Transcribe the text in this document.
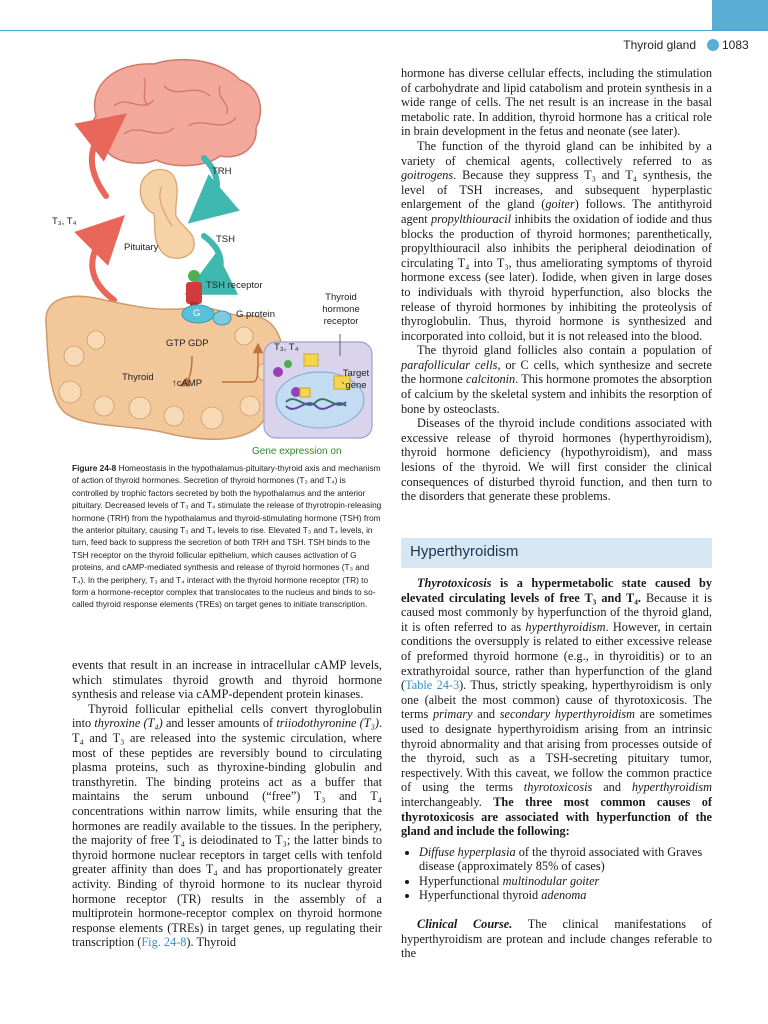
Thyroid gland 1083
TRH
TSH
T₃, T₄
Pituitary
TSH receptor
G	G protein
GTP GDP
Thyroid
↑cAMP
T₃, T₄
Thyroid hormone receptor
Target gene
Gene expression on
Figure 24-8 Homeostasis in the hypothalamus-pituitary-thyroid axis and mechanism of action of thyroid hormones. Secretion of thyroid hormones (T₃ and T₄) is controlled by trophic factors secreted by both the hypothalamus and the anterior pituitary. Decreased levels of T₃ and T₄ stimulate the release of thyrotropin-releasing hormone (TRH) from the hypothalamus and thyroid-stimulating hormone (TSH) from the anterior pituitary, causing T₃ and T₄ levels to rise. Elevated T₃ and T₄ levels, in turn, feed back to suppress the secretion of both TRH and TSH. TSH binds to the TSH receptor on the thyroid follicular epithelium, which causes activation of G proteins, and cAMP-mediated synthesis and release of thyroid hormones (T₃ and T₄). In the periphery, T₃ and T₄ interact with the thyroid hormone receptor (TR) to form a hormone-receptor complex that translocates to the nucleus and binds to so-called thyroid response elements (TREs) on target genes to initiate transcription.

events that result in an increase in intracellular cAMP levels, which stimulates thyroid growth and thyroid hormone synthesis and release via cAMP-dependent protein kinases.

Thyroid follicular epithelial cells convert thyroglobulin into thyroxine (T₄) and lesser amounts of triiodothyronine (T₃). T₄ and T₃ are released into the systemic circulation, where most of these peptides are reversibly bound to circulating plasma proteins, such as thyroxine-binding globulin and transthyretin. The binding proteins act as a buffer that maintains the serum unbound (“free”) T₃ and T₄ concentrations within narrow limits, while ensuring that the hormones are readily available to the tissues. In the periphery, the majority of free T₄ is deiodinated to T₃; the latter binds to thyroid hormone nuclear receptors in target cells with tenfold greater affinity than does T₄ and has proportionately greater activity. Binding of thyroid hormone to its nuclear thyroid hormone receptor (TR) results in the assembly of a multiprotein hormone-receptor complex on thyroid hormone response elements (TREs) in target genes, up regulating their transcription (Fig. 24-8). Thyroid

hormone has diverse cellular effects, including the stimulation of carbohydrate and lipid catabolism and protein synthesis in a wide range of cells. The net result is an increase in the basal metabolic rate. In addition, thyroid hormone has a critical role in brain development in the fetus and neonate (see later).

The function of the thyroid gland can be inhibited by a variety of chemical agents, collectively referred to as goitrogens. Because they suppress T₃ and T₄ synthesis, the level of TSH increases, and subsequent hyperplastic enlargement of the gland (goiter) follows. The antithyroid agent propylthiouracil inhibits the oxidation of iodide and thus blocks the production of thyroid hormones; parenthetically, propylthiouracil also inhibits the peripheral deiodination of circulating T₄ into T₃, thus ameliorating symptoms of thyroid hormone excess (see later). Iodide, when given in large doses to individuals with thyroid hyperfunction, also blocks the release of thyroid hormones by inhibiting the proteolysis of thyroglobulin. Thus, thyroid hormone is synthesized and incorporated into colloid, but it is not released into the blood.

The thyroid gland follicles also contain a population of parafollicular cells, or C cells, which synthesize and secrete the hormone calcitonin. This hormone promotes the absorption of calcium by the skeletal system and inhibits the resorption of bone by osteoclasts.

Diseases of the thyroid include conditions associated with excessive release of thyroid hormones (hyperthyroidism), thyroid hormone deficiency (hypothyroidism), and mass lesions of the thyroid. We will first consider the clinical consequences of disturbed thyroid function, and then turn to the disorders that generate these problems.

Hyperthyroidism

Thyrotoxicosis is a hypermetabolic state caused by elevated circulating levels of free T₃ and T₄. Because it is caused most commonly by hyperfunction of the thyroid gland, it is often referred to as hyperthyroidism. However, in certain conditions the oversupply is related to either excessive release of preformed thyroid hormone (e.g., in thyroiditis) or to an extrathyroidal source, rather than hyperfunction of the gland (Table 24-3). Thus, strictly speaking, hyperthyroidism is only one (albeit the most common) cause of thyrotoxicosis. The terms primary and secondary hyperthyroidism are sometimes used to designate hyperthyroidism arising from an intrinsic thyroid abnormality and that arising from processes outside of the thyroid, such as a TSH-secreting pituitary tumor, respectively. With this caveat, we follow the common practice of using the terms thyrotoxicosis and hyperthyroidism interchangeably. The three most common causes of thyrotoxicosis are associated with hyperfunction of the gland and include the following:

• Diffuse hyperplasia of the thyroid associated with Graves disease (approximately 85% of cases)
• Hyperfunctional multinodular goiter
• Hyperfunctional thyroid adenoma

Clinical Course. The clinical manifestations of hyperthyroidism are protean and include changes referable to the
